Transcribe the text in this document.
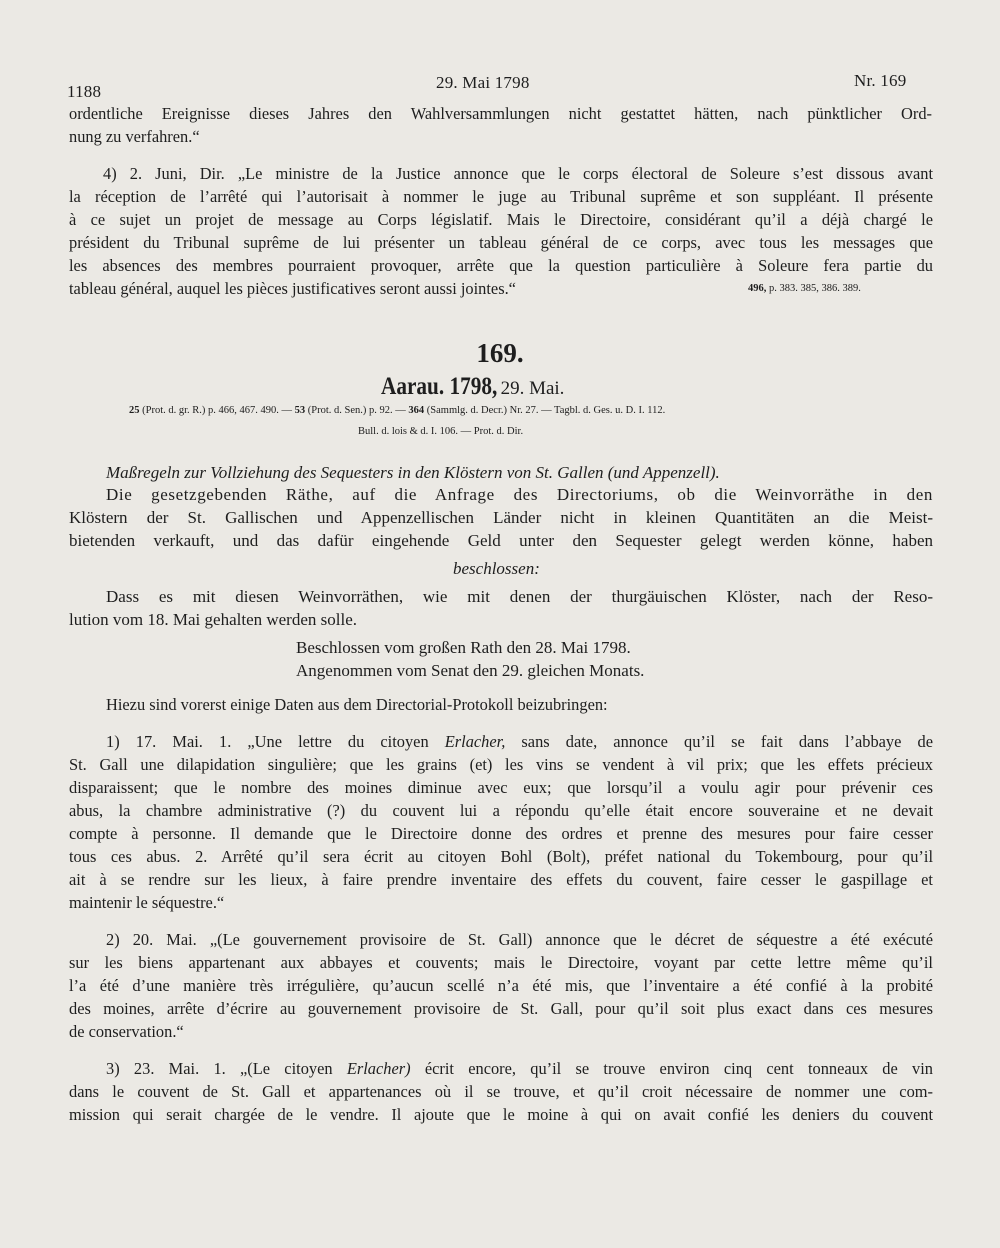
1188	29. Mai 1798	Nr. 169
ordentliche Ereignisse dieses Jahres den Wahlversammlungen nicht gestattet hätten, nach pünktlicher Ord-
nung zu verfahren.“
4) 2. Juni, Dir. „Le ministre de la Justice annonce que le corps électoral de Soleure s’est dissous avant
la réception de l’arrêté qui l’autorisait à nommer le juge au Tribunal suprême et son suppléant. Il présente
à ce sujet un projet de message au Corps législatif. Mais le Directoire, considérant qu’il a déjà chargé le
président du Tribunal suprême de lui présenter un tableau général de ce corps, avec tous les messages que
les absences des membres pourraient provoquer, arrête que la question particulière à Soleure fera partie du
tableau général, auquel les pièces justificatives seront aussi jointes.“	496, p. 383. 385, 386. 389.
169.
Aarau. 1798, 29. Mai.
25 (Prot. d. gr. R.) p. 466, 467. 490. — 53 (Prot. d. Sen.) p. 92. — 364 (Sammlg. d. Decr.) Nr. 27. — Tagbl. d. Ges. u. D. I. 112.
Bull. d. lois & d. I. 106. — Prot. d. Dir.
Maßregeln zur Vollziehung des Sequesters in den Klöstern von St. Gallen (und Appenzell).
Die gesetzgebenden Räthe, auf die Anfrage des Directoriums, ob die Weinvorräthe in den
Klöstern der St. Gallischen und Appenzellischen Länder nicht in kleinen Quantitäten an die Meist-
bietenden verkauft, und das dafür eingehende Geld unter den Sequester gelegt werden könne, haben
beschlossen:
Dass es mit diesen Weinvorräthen, wie mit denen der thurgäuischen Klöster, nach der Reso-
lution vom 18. Mai gehalten werden solle.
Beschlossen vom großen Rath den 28. Mai 1798.
Angenommen vom Senat den 29. gleichen Monats.
Hiezu sind vorerst einige Daten aus dem Directorial-Protokoll beizubringen:
1) 17. Mai. 1. „Une lettre du citoyen Erlacher, sans date, annonce qu’il se fait dans l’abbaye de
St. Gall une dilapidation singulière; que les grains (et) les vins se vendent à vil prix; que les effets précieux
disparaissent; que le nombre des moines diminue avec eux; que lorsqu’il a voulu agir pour prévenir ces
abus, la chambre administrative (?) du couvent lui a répondu qu’elle était encore souveraine et ne devait
compte à personne. Il demande que le Directoire donne des ordres et prenne des mesures pour faire cesser
tous ces abus. 2. Arrêté qu’il sera écrit au citoyen Bohl (Bolt), préfet national du Tokembourg, pour qu’il
ait à se rendre sur les lieux, à faire prendre inventaire des effets du couvent, faire cesser le gaspillage et
maintenir le séquestre.“
2) 20. Mai. „(Le gouvernement provisoire de St. Gall) annonce que le décret de séquestre a été exécuté
sur les biens appartenant aux abbayes et couvents; mais le Directoire, voyant par cette lettre même qu’il
l’a été d’une manière très irrégulière, qu’aucun scellé n’a été mis, que l’inventaire a été confié à la probité
des moines, arrête d’écrire au gouvernement provisoire de St. Gall, pour qu’il soit plus exact dans ces mesures
de conservation.“
3) 23. Mai. 1. „(Le citoyen Erlacher) écrit encore, qu’il se trouve environ cinq cent tonneaux de vin
dans le couvent de St. Gall et appartenances où il se trouve, et qu’il croit nécessaire de nommer une com-
mission qui serait chargée de le vendre. Il ajoute que le moine à qui on avait confié les deniers du couvent
